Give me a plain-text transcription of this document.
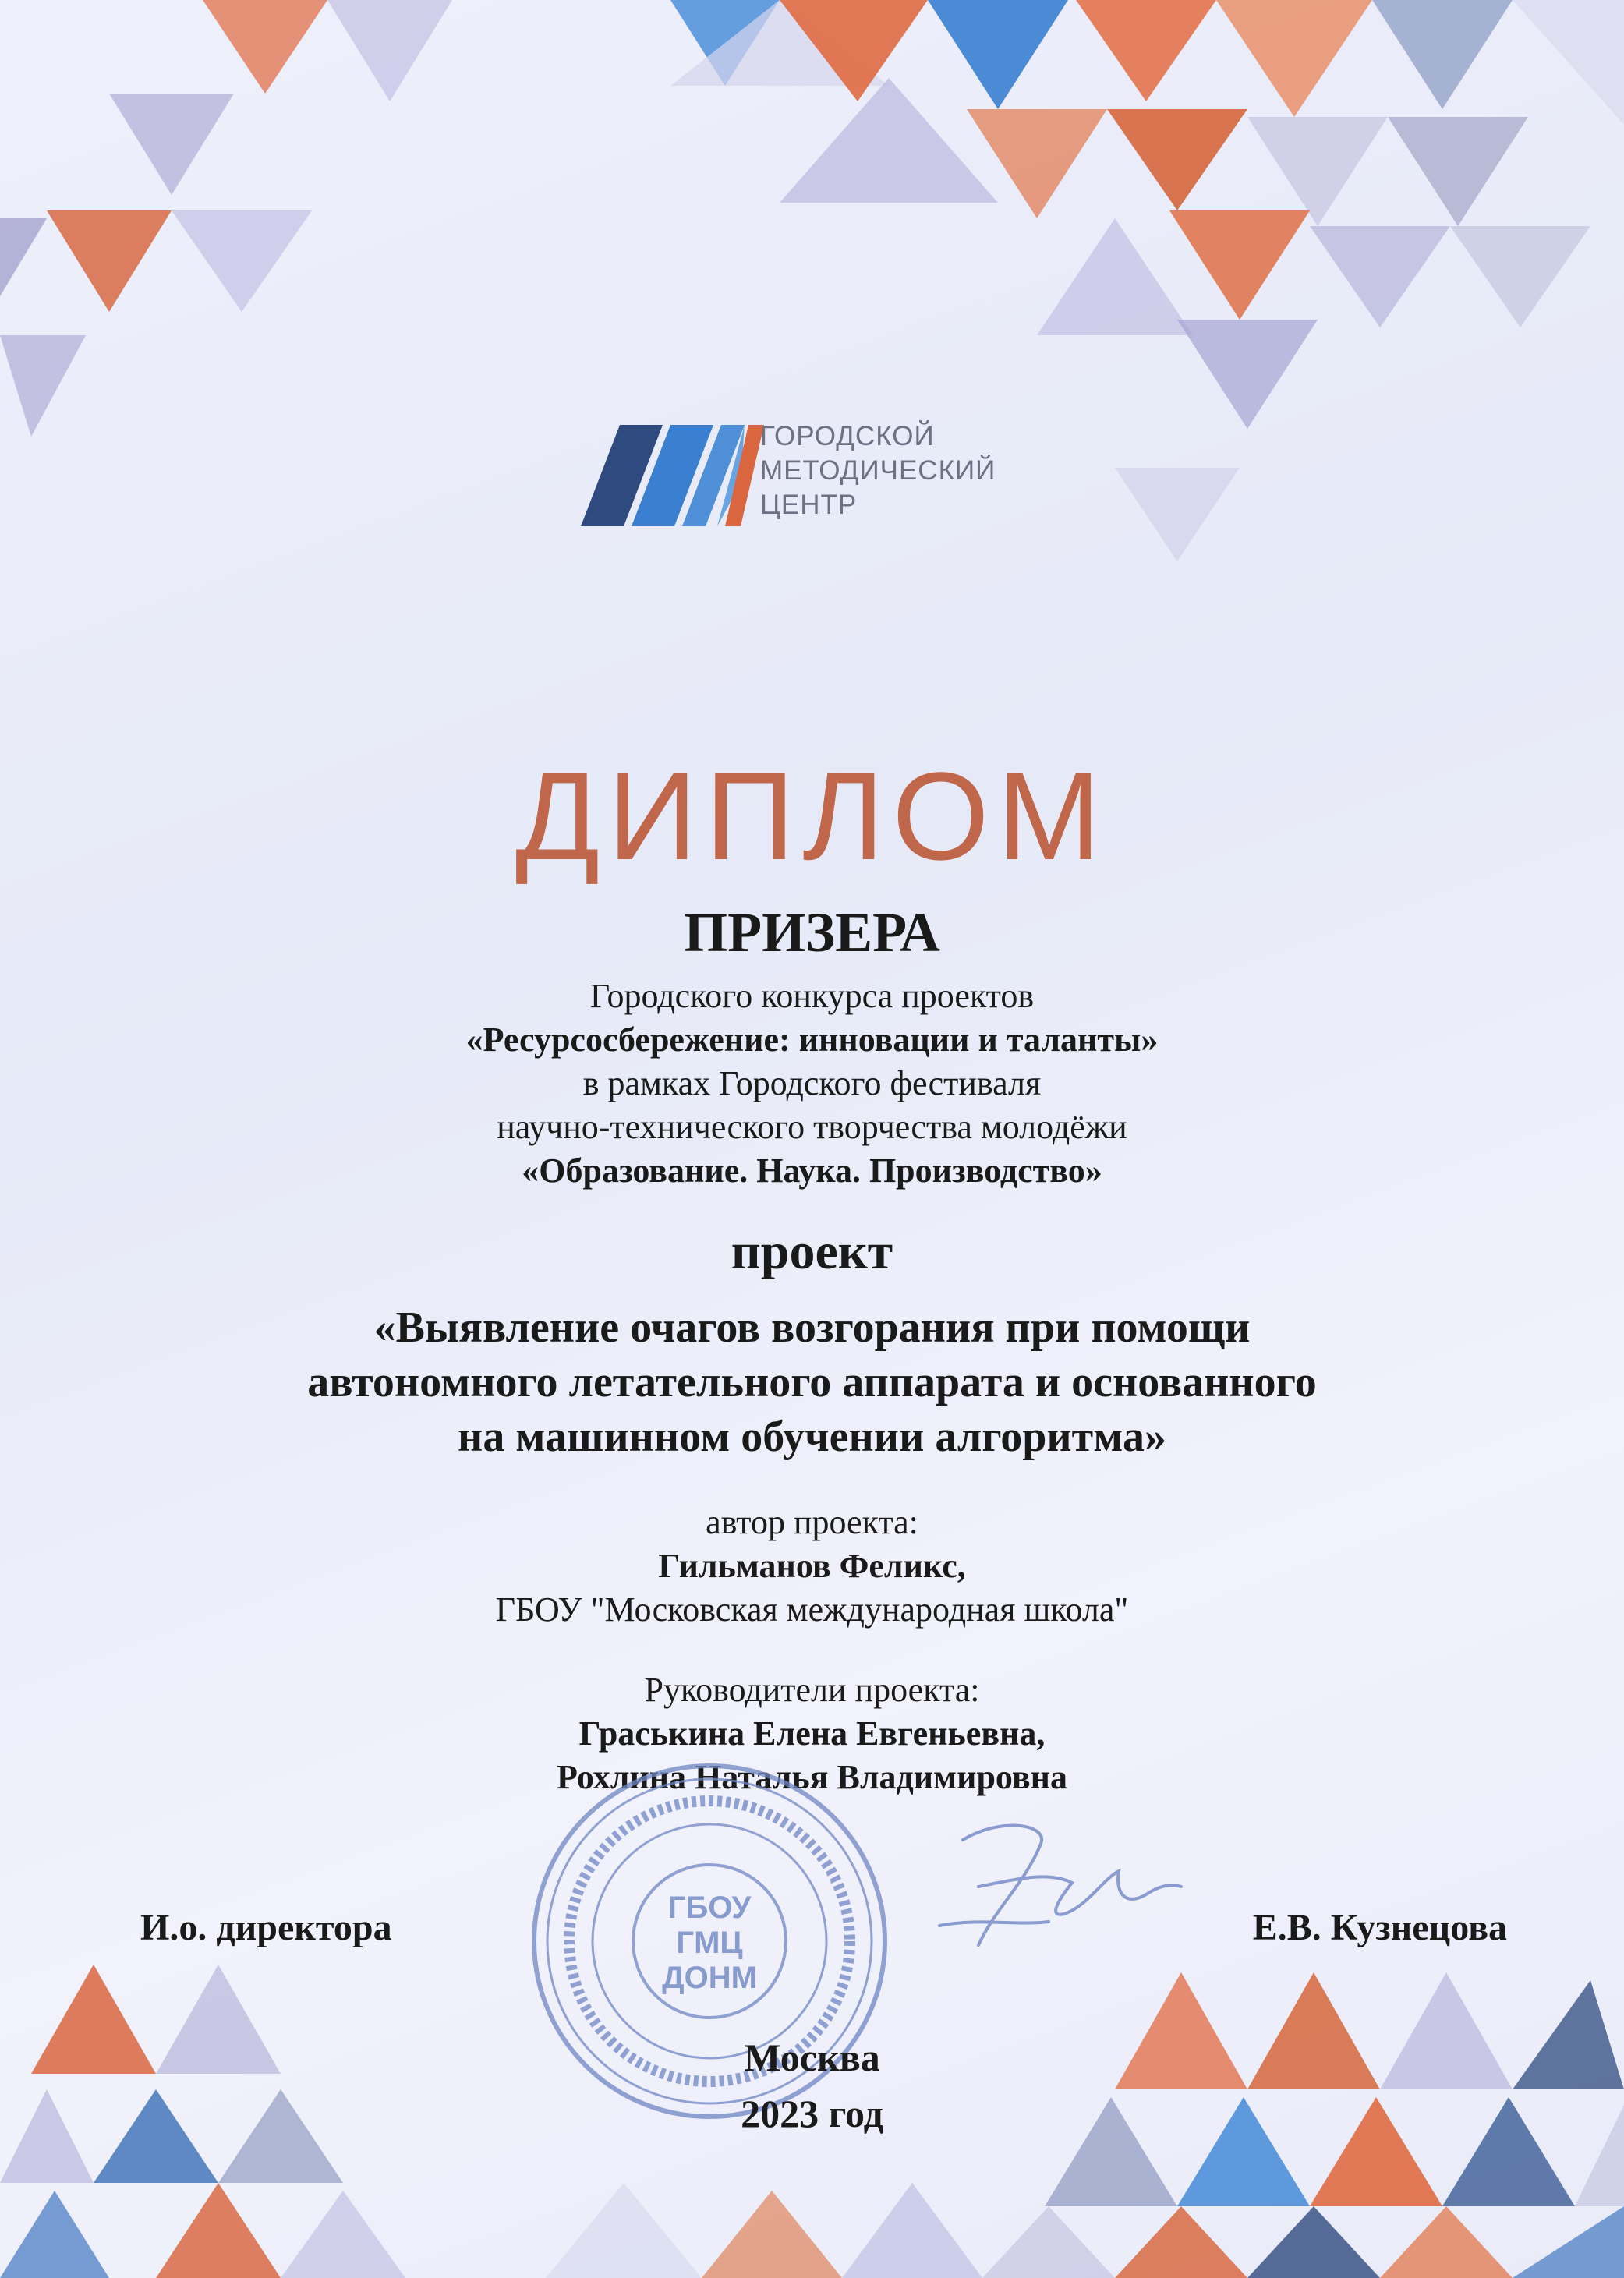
ГОРОДСКОЙ
МЕТОДИЧЕСКИЙ
ЦЕНТР
ДИПЛОМ
ПРИЗЕРА
Городского конкурса проектов
«Ресурсосбережение: инновации и таланты»
в рамках Городского фестиваля
научно-технического творчества молодёжи
«Образование. Наука. Производство»
проект
«Выявление очагов возгорания при помощи
автономного летательного аппарата и основанного
на машинном обучении алгоритма»
автор проекта:
Гильманов Феликс,
ГБОУ "Московская международная школа"
Руководители проекта:
Граськина Елена Евгеньевна,
Рохлина Наталья Владимировна
ГБОУ
ГМЦ
ДОНМ
И.о. директора	Е.В. Кузнецова
Москва
2023 год
